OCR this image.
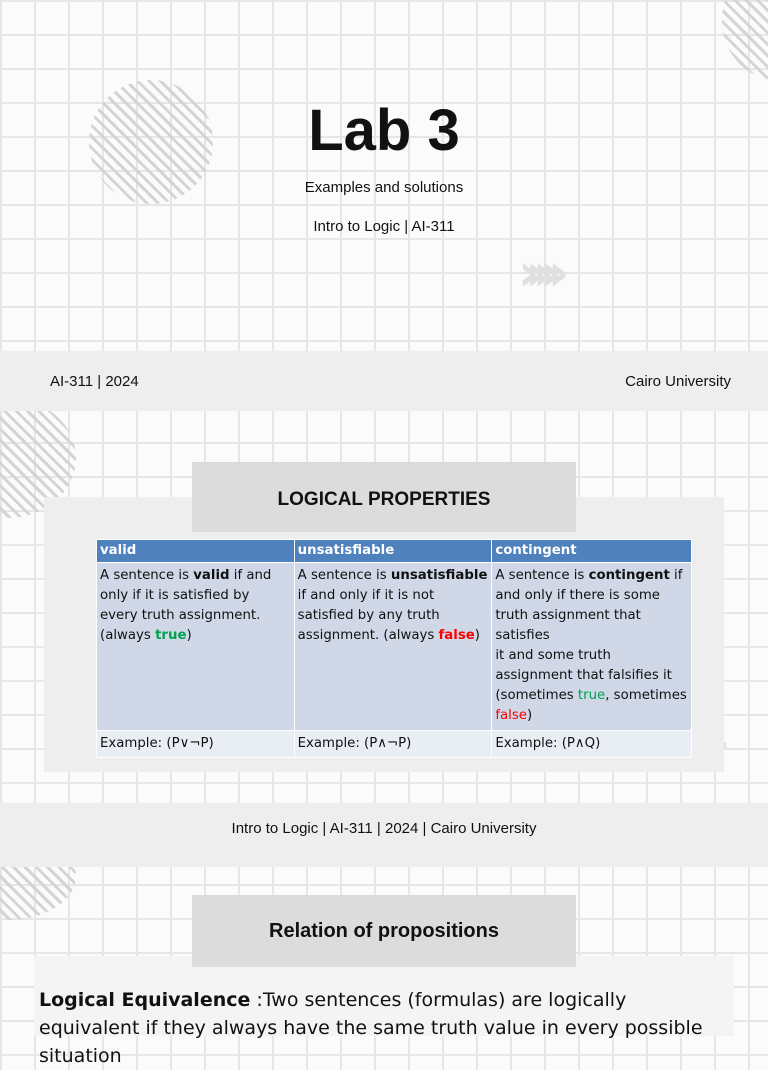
›››››
Lab 3
Examples and solutions
Intro to Logic | AI-311
AI-311 | 2024	Cairo University
LOGICAL PROPERTIES
valid	unsatisfiable	contingent
A sentence is valid if and only if it is satisfied by every truth assignment. (always true)	A sentence is unsatisfiable if and only if it is not satisfied by any truth assignment. (always false)	A sentence is contingent if and only if there is some truth assignment that satisfies
it and some truth assignment that falsifies it (sometimes true, sometimes false)
Example: (P∨¬P)	Example: (P∧¬P)	Example: (P∧Q)
Intro to Logic | AI-311 | 2024 | Cairo University

Logical Equivalence :Two sentences (formulas) are logically equivalent if they always have the same truth value in every possible situation

Relation of propositions
